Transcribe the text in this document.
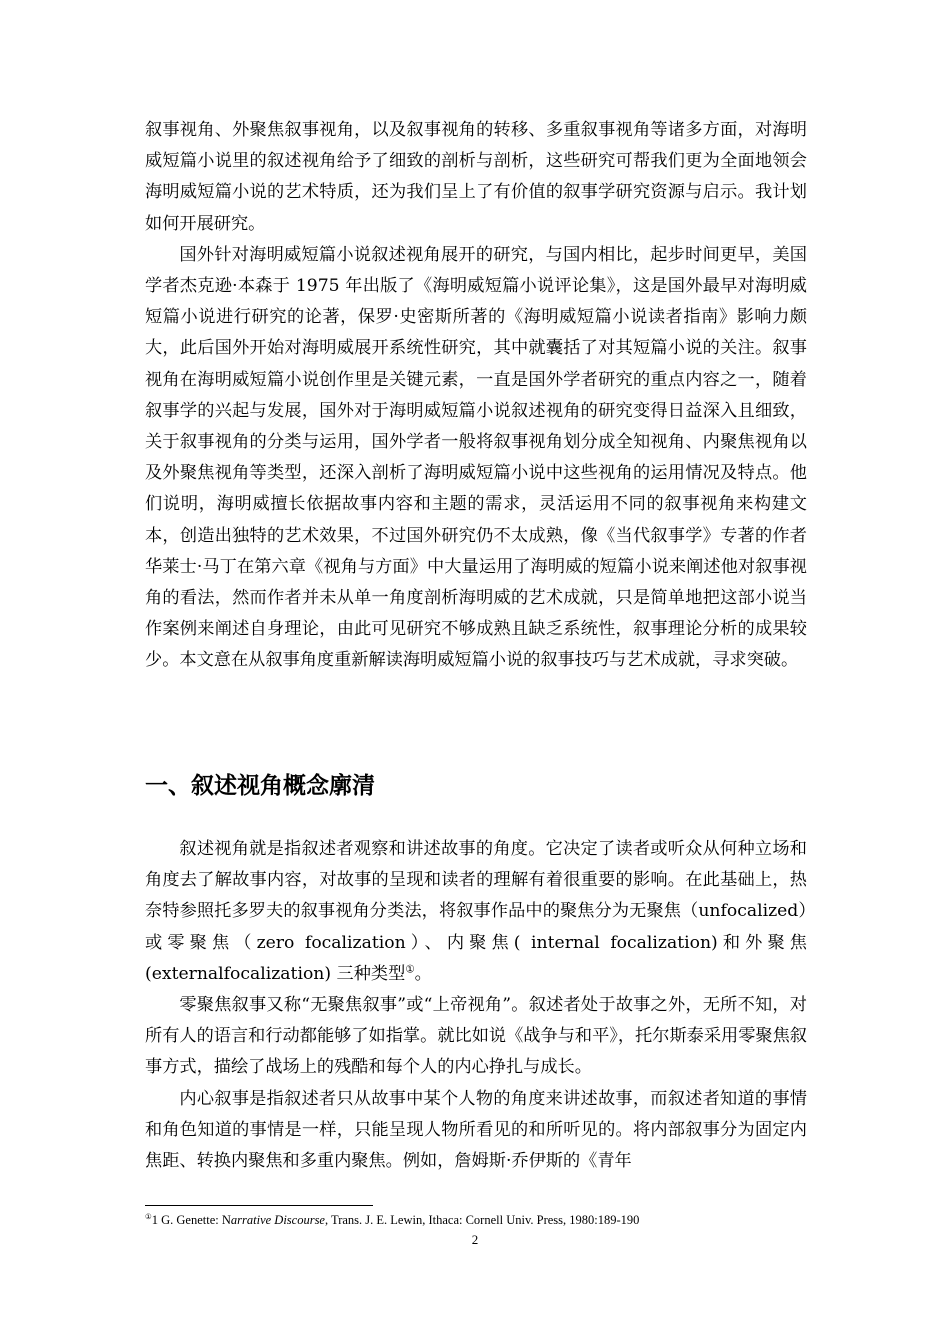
叙事视角、外聚焦叙事视角，以及叙事视角的转移、多重叙事视角等诸多方面，对海明威短篇小说里的叙述视角给予了细致的剖析与剖析，这些研究可帮我们更为全面地领会海明威短篇小说的艺术特质，还为我们呈上了有价值的叙事学研究资源与启示。我计划如何开展研究。

国外针对海明威短篇小说叙述视角展开的研究，与国内相比，起步时间更早，美国学者杰克逊·本森于 1975 年出版了《海明威短篇小说评论集》，这是国外最早对海明威短篇小说进行研究的论著，保罗·史密斯所著的《海明威短篇小说读者指南》影响力颇大，此后国外开始对海明威展开系统性研究，其中就囊括了对其短篇小说的关注。叙事视角在海明威短篇小说创作里是关键元素，一直是国外学者研究的重点内容之一，随着叙事学的兴起与发展，国外对于海明威短篇小说叙述视角的研究变得日益深入且细致，关于叙事视角的分类与运用，国外学者一般将叙事视角划分成全知视角、内聚焦视角以及外聚焦视角等类型，还深入剖析了海明威短篇小说中这些视角的运用情况及特点。他们说明，海明威擅长依据故事内容和主题的需求，灵活运用不同的叙事视角来构建文本，创造出独特的艺术效果，不过国外研究仍不太成熟，像《当代叙事学》专著的作者华莱士·马丁在第六章《视角与方面》中大量运用了海明威的短篇小说来阐述他对叙事视角的看法，然而作者并未从单一角度剖析海明威的艺术成就，只是简单地把这部小说当作案例来阐述自身理论，由此可见研究不够成熟且缺乏系统性，叙事理论分析的成果较少。本文意在从叙事角度重新解读海明威短篇小说的叙事技巧与艺术成就，寻求突破。

一、叙述视角概念廓清

叙述视角就是指叙述者观察和讲述故事的角度。它决定了读者或听众从何种立场和角度去了解故事内容，对故事的呈现和读者的理解有着很重要的影响。在此基础上，热奈特参照托多罗夫的叙事视角分类法，将叙事作品中的聚焦分为无聚焦（unfocalized）或零聚焦（zero focalization）、内聚焦( internal focalization)和外聚焦(externalfocalization) 三种类型①。

零聚焦叙事又称“无聚焦叙事”或“上帝视角”。叙述者处于故事之外，无所不知，对所有人的语言和行动都能够了如指掌。就比如说《战争与和平》，托尔斯泰采用零聚焦叙事方式，描绘了战场上的残酷和每个人的内心挣扎与成长。

内心叙事是指叙述者只从故事中某个人物的角度来讲述故事，而叙述者知道的事情和角色知道的事情是一样，只能呈现人物所看见的和所听见的。将内部叙事分为固定内焦距、转换内聚焦和多重内聚焦。例如，詹姆斯·乔伊斯的《青年

①1 G. Genette: Narrative Discourse, Trans. J. E. Lewin, Ithaca: Cornell Univ. Press, 1980:189-190

2
